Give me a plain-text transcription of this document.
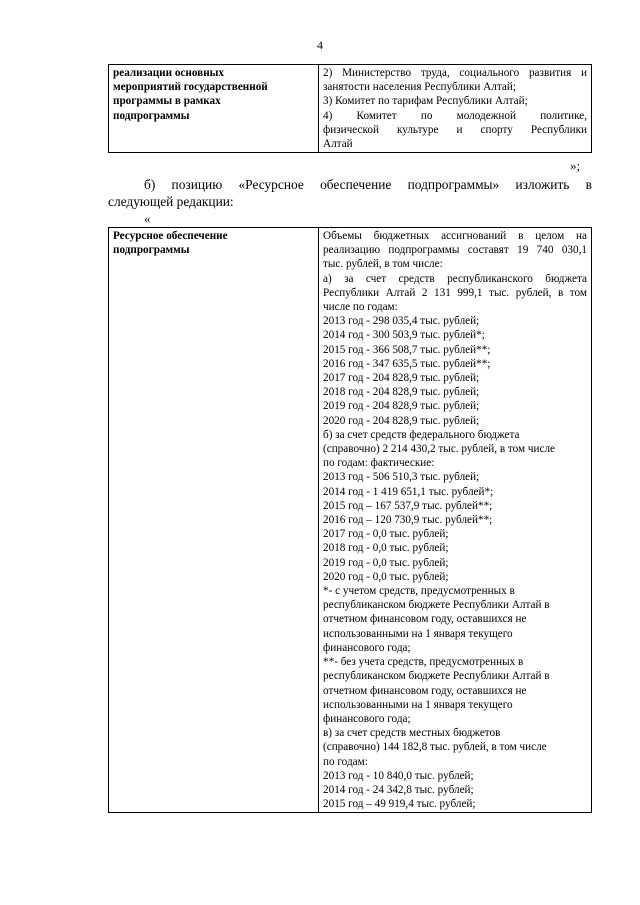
4
реализации основных
мероприятий государственной
программы в рамках
подпрограммы

2) Министерство труда, социального развития и
занятости населения Республики Алтай;
3) Комитет по тарифам Республики Алтай;
4) Комитет по молодежной политике,
физической культуре и спорту Республики
Алтай
»;
б) позицию «Ресурсное обеспечение подпрограммы» изложить в
следующей редакции:
«
Ресурсное обеспечение
подпрограммы

Объемы бюджетных ассигнований в целом на
реализацию подпрограммы составят 19 740 030,1
тыс. рублей, в том числе:
а) за счет средств республиканского бюджета
Республики Алтай 2 131 999,1 тыс. рублей, в том
числе по годам:
2013 год - 298 035,4 тыс. рублей;
2014 год - 300 503,9 тыс. рублей*;
2015 год - 366 508,7 тыс. рублей**;
2016 год - 347 635,5 тыс. рублей**;
2017 год - 204 828,9 тыс. рублей;
2018 год - 204 828,9 тыс. рублей;
2019 год - 204 828,9 тыс. рублей;
2020 год - 204 828,9 тыс. рублей;
б) за счет средств федерального бюджета
(справочно) 2 214 430,2 тыс. рублей, в том числе
по годам: фактические:
2013 год - 506 510,3 тыс. рублей;
2014 год - 1 419 651,1 тыс. рублей*;
2015 год – 167 537,9 тыс. рублей**;
2016 год – 120 730,9 тыс. рублей**;
2017 год - 0,0 тыс. рублей;
2018 год - 0,0 тыс. рублей;
2019 год - 0,0 тыс. рублей;
2020 год - 0,0 тыс. рублей;
*- с учетом средств, предусмотренных в
республиканском бюджете Республики Алтай в
отчетном финансовом году, оставшихся не
использованными на 1 января текущего
финансового года;
**- без учета средств, предусмотренных в
республиканском бюджете Республики Алтай в
отчетном финансовом году, оставшихся не
использованными на 1 января текущего
финансового года;
в) за счет средств местных бюджетов
(справочно) 144 182,8 тыс. рублей, в том числе
по годам:
2013 год - 10 840,0 тыс. рублей;
2014 год - 24 342,8 тыс. рублей;
2015 год – 49 919,4 тыс. рублей;
